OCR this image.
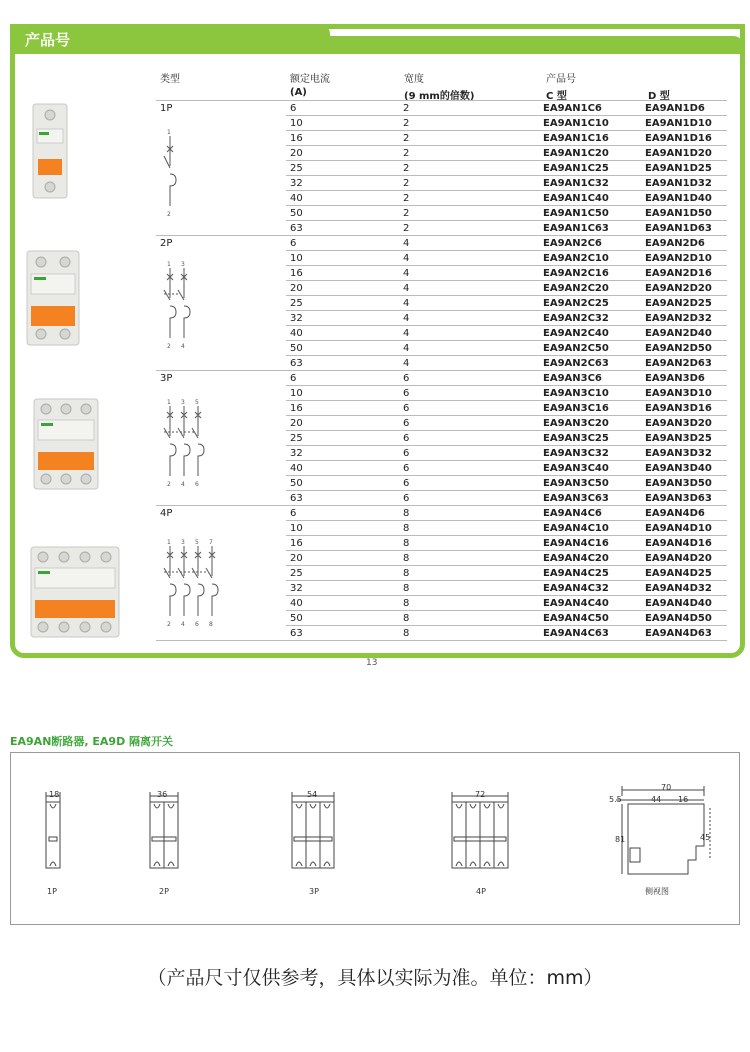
产品号
类型	额定电流
(A)
宽度
(9 mm的倍数)
产品号
C 型	D 型
1P	6	2	EA9AN1C6	EA9AN1D6
	10	2	EA9AN1C10	EA9AN1D10
	16	2	EA9AN1C16	EA9AN1D16
	20	2	EA9AN1C20	EA9AN1D20
	25	2	EA9AN1C25	EA9AN1D25
	32	2	EA9AN1C32	EA9AN1D32
	40	2	EA9AN1C40	EA9AN1D40
	50	2	EA9AN1C50	EA9AN1D50
	63	2	EA9AN1C63	EA9AN1D63
2P	6	4	EA9AN2C6	EA9AN2D6
	10	4	EA9AN2C10	EA9AN2D10
	16	4	EA9AN2C16	EA9AN2D16
	20	4	EA9AN2C20	EA9AN2D20
	25	4	EA9AN2C25	EA9AN2D25
	32	4	EA9AN2C32	EA9AN2D32
	40	4	EA9AN2C40	EA9AN2D40
	50	4	EA9AN2C50	EA9AN2D50
	63	4	EA9AN2C63	EA9AN2D63
3P	6	6	EA9AN3C6	EA9AN3D6
	10	6	EA9AN3C10	EA9AN3D10
	16	6	EA9AN3C16	EA9AN3D16
	20	6	EA9AN3C20	EA9AN3D20
	25	6	EA9AN3C25	EA9AN3D25
	32	6	EA9AN3C32	EA9AN3D32
	40	6	EA9AN3C40	EA9AN3D40
	50	6	EA9AN3C50	EA9AN3D50
	63	6	EA9AN3C63	EA9AN3D63
4P	6	8	EA9AN4C6	EA9AN4D6
	10	8	EA9AN4C10	EA9AN4D10
	16	8	EA9AN4C16	EA9AN4D16
	20	8	EA9AN4C20	EA9AN4D20
	25	8	EA9AN4C25	EA9AN4D25
	32	8	EA9AN4C32	EA9AN4D32
	40	8	EA9AN4C40	EA9AN4D40
	50	8	EA9AN4C50	EA9AN4D50
	63	8	EA9AN4C63	EA9AN4D63
1
2
1 3
2 4
1 3 5
2 4 6
1 3 5 7
2 4 6 8
13
EA9AN断路器, EA9D 隔离开关
18
1P
36
2P
54
3P
72
4P
70
5.5	44 16
81	45
侧视图
（产品尺寸仅供参考，具体以实际为准。单位：mm）
